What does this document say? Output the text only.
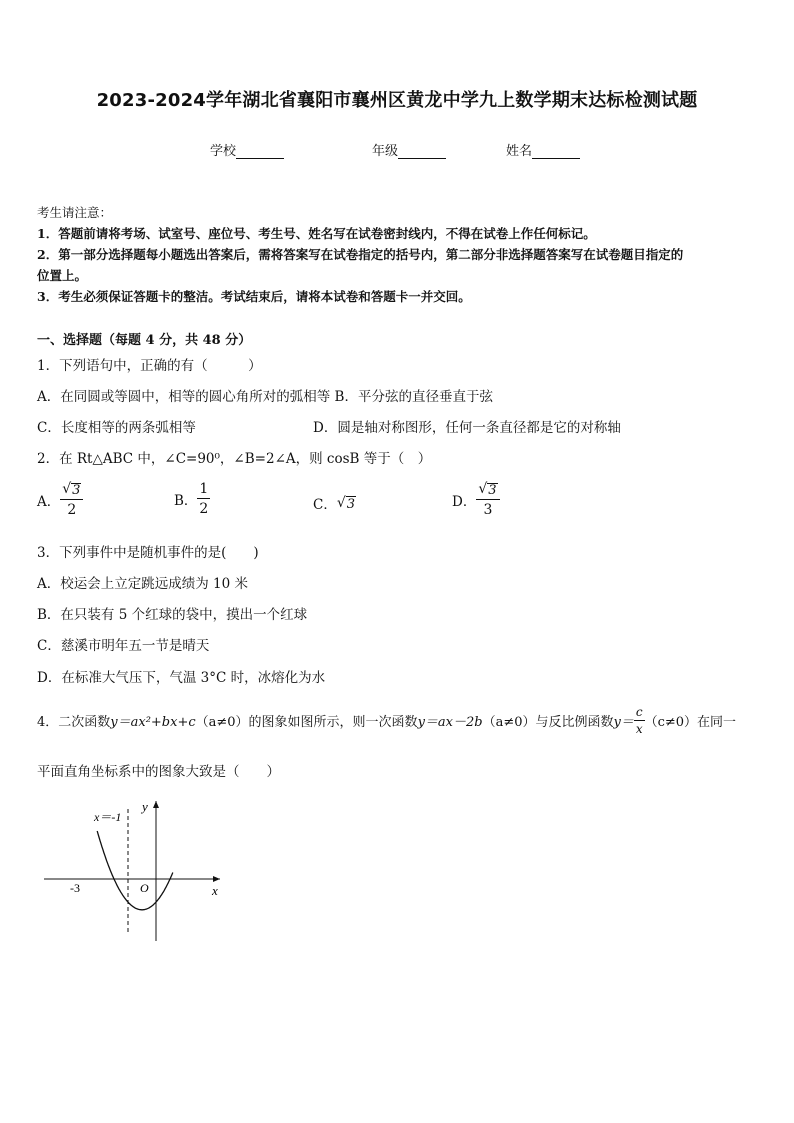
2023-2024学年湖北省襄阳市襄州区黄龙中学九上数学期末达标检测试题
学校	年级	姓名
考生请注意：
1．答题前请将考场、试室号、座位号、考生号、姓名写在试卷密封线内，不得在试卷上作任何标记。
2．第一部分选择题每小题选出答案后，需将答案写在试卷指定的括号内，第二部分非选择题答案写在试卷题目指定的
位置上。
3．考生必须保证答题卡的整洁。考试结束后，请将本试卷和答题卡一并交回。
一、选择题（每题 4 分，共 48 分）
1．下列语句中，正确的有（　　　）
A．在同圆或等圆中，相等的圆心角所对的弧相等 B．平分弦的直径垂直于弦
C．长度相等的两条弧相等	D．圆是轴对称图形，任何一条直径都是它的对称轴
2．在 Rt△ABC 中，∠C=90⁰，∠B=2∠A，则 cosB 等于（　）
A． $\frac{√ 3}{2}$	B． $\frac{1}{2}$	C． √ 3	D． $\frac{√ 3}{3}$
3．下列事件中是随机事件的是(　　)
A．校运会上立定跳远成绩为 10 米
B．在只装有 5 个红球的袋中，摸出一个红球
C．慈溪市明年五一节是晴天
D．在标准大气压下，气温 3°C 时，冰熔化为水
4．二次函数 y＝ax²+bx+c （a≠0）的图象如图所示，则一次函数 y＝ax－2b （a≠0）与反比例函数 $y= \frac{c}{x} (c\ne 0)$在同一
平面直角坐标系中的图象大致是（　　）
x＝-1
y
x
O
-3
